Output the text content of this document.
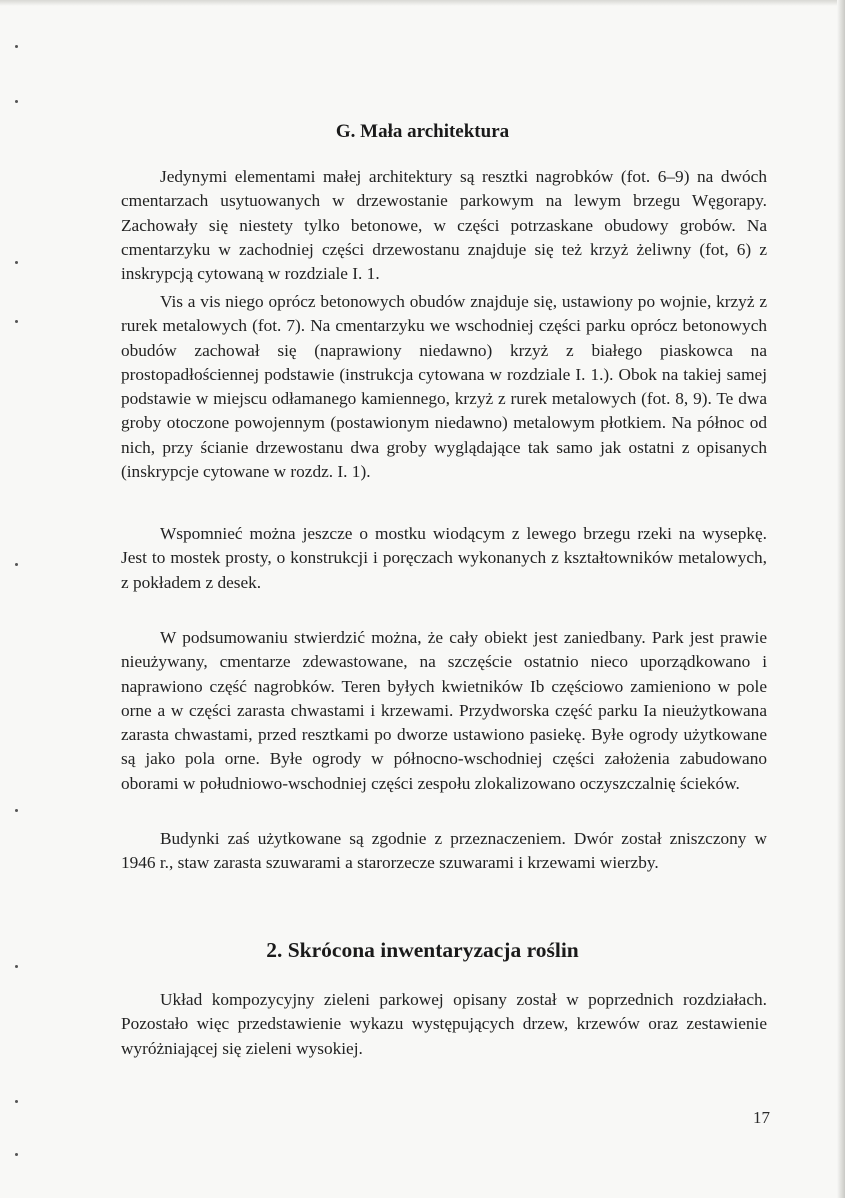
G. Mała architektura

Jedynymi elementami małej architektury są resztki nagrobków (fot. 6–9) na dwóch cmentarzach usytuowanych w drzewostanie parkowym na lewym brzegu Węgorapy. Zachowały się niestety tylko betonowe, w części potrzaskane obudowy grobów. Na cmentarzyku w zachodniej części drzewostanu znajduje się też krzyż żeliwny (fot, 6) z inskrypcją cytowaną w rozdziale I. 1.

Vis a vis niego oprócz betonowych obudów znajduje się, ustawiony po wojnie, krzyż z rurek metalowych (fot. 7). Na cmentarzyku we wschodniej części parku oprócz betonowych obudów zachował się (naprawiony niedawno) krzyż z białego piaskowca na prostopadłościennej podstawie (instrukcja cytowana w rozdziale I. 1.). Obok na takiej samej podstawie w miejscu odłamanego kamiennego, krzyż z rurek metalowych (fot. 8, 9). Te dwa groby otoczone powojennym (postawionym niedawno) metalowym płotkiem. Na północ od nich, przy ścianie drzewostanu dwa groby wyglądające tak samo jak ostatni z opisanych (inskrypcje cytowane w rozdz. I. 1).

Wspomnieć można jeszcze o mostku wiodącym z lewego brzegu rzeki na wysepkę. Jest to mostek prosty, o konstrukcji i poręczach wykonanych z kształtowników metalowych, z pokładem z desek.

W podsumowaniu stwierdzić można, że cały obiekt jest zaniedbany. Park jest prawie nieużywany, cmentarze zdewastowane, na szczęście ostatnio nieco uporządkowano i naprawiono część nagrobków. Teren byłych kwietników Ib częściowo zamieniono w pole orne a w części zarasta chwastami i krzewami. Przydworska część parku Ia nieużytkowana zarasta chwastami, przed resztkami po dworze ustawiono pasiekę. Byłe ogrody użytkowane są jako pola orne. Byłe ogrody w północno-wschodniej części założenia zabudowano oborami w południowo-wschodniej części zespołu zlokalizowano oczyszczalnię ścieków.

Budynki zaś użytkowane są zgodnie z przeznaczeniem. Dwór został zniszczony w 1946 r., staw zarasta szuwarami a starorzecze szuwarami i krzewami wierzby.

2. Skrócona inwentaryzacja roślin

Układ kompozycyjny zieleni parkowej opisany został w poprzednich rozdziałach. Pozostało więc przedstawienie wykazu występujących drzew, krzewów oraz zestawienie wyróżniającej się zieleni wysokiej.

17
